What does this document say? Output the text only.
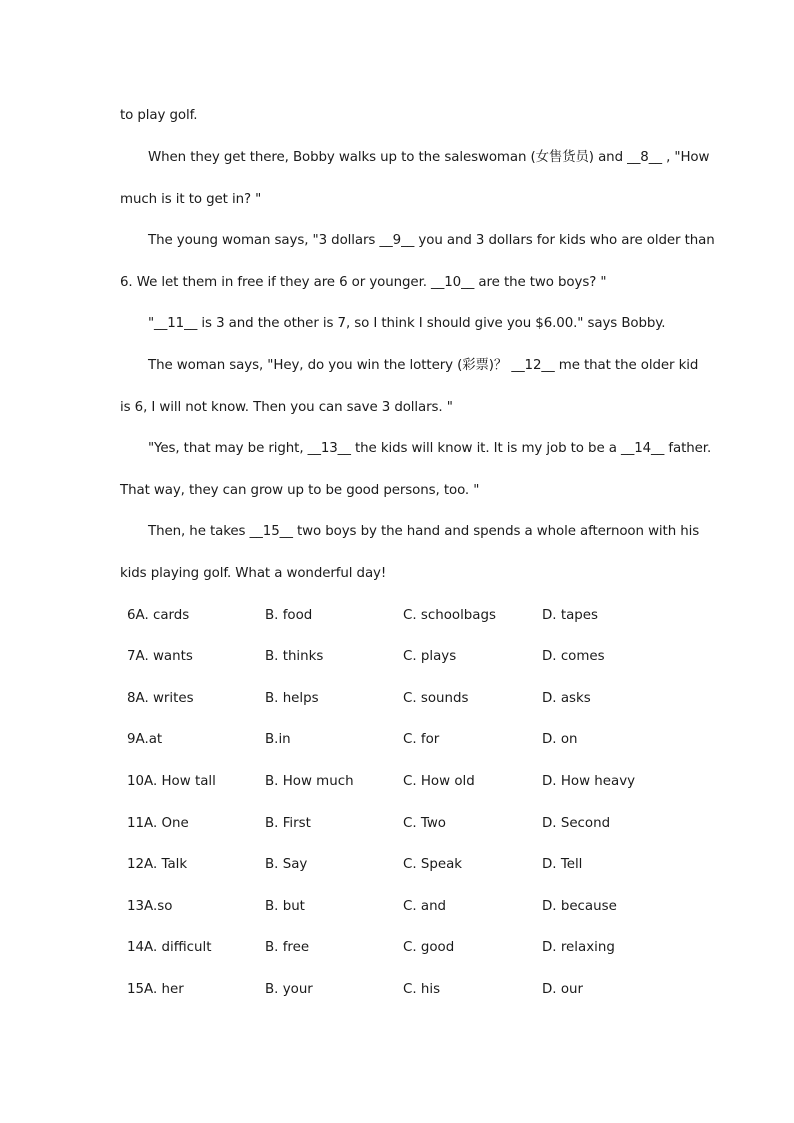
to play golf.
When they get there, Bobby walks up to the saleswoman (女售货员) and __8__ , "How
much is it to get in? "
The young woman says, "3 dollars __9__ you and 3 dollars for kids who are older than
6. We let them in free if they are 6 or younger. __10__ are the two boys? "
"__11__ is 3 and the other is 7, so I think I should give you $6.00." says Bobby.
The woman says, "Hey, do you win the lottery (彩票)？ __12__ me that the older kid
is 6, I will not know. Then you can save 3 dollars. "
"Yes, that may be right, __13__ the kids will know it. It is my job to be a __14__ father.
That way, they can grow up to be good persons, too. "
Then, he takes __15__ two boys by the hand and spends a whole afternoon with his
kids playing golf. What a wonderful day!
6A. cards	B. food	C. schoolbags	D. tapes
7A. wants	B. thinks	C. plays	D. comes
8A. writes	B. helps	C. sounds	D. asks
9A.at	B.in	C. for	D. on
10A. How tall	B. How much	C. How old	D. How heavy
11A. One	B. First	C. Two	D. Second
12A. Talk	B. Say	C. Speak	D. Tell
13A.so	B. but	C. and	D. because
14A. difficult	B. free	C. good	D. relaxing
15A. her	B. your	C. his	D. our
